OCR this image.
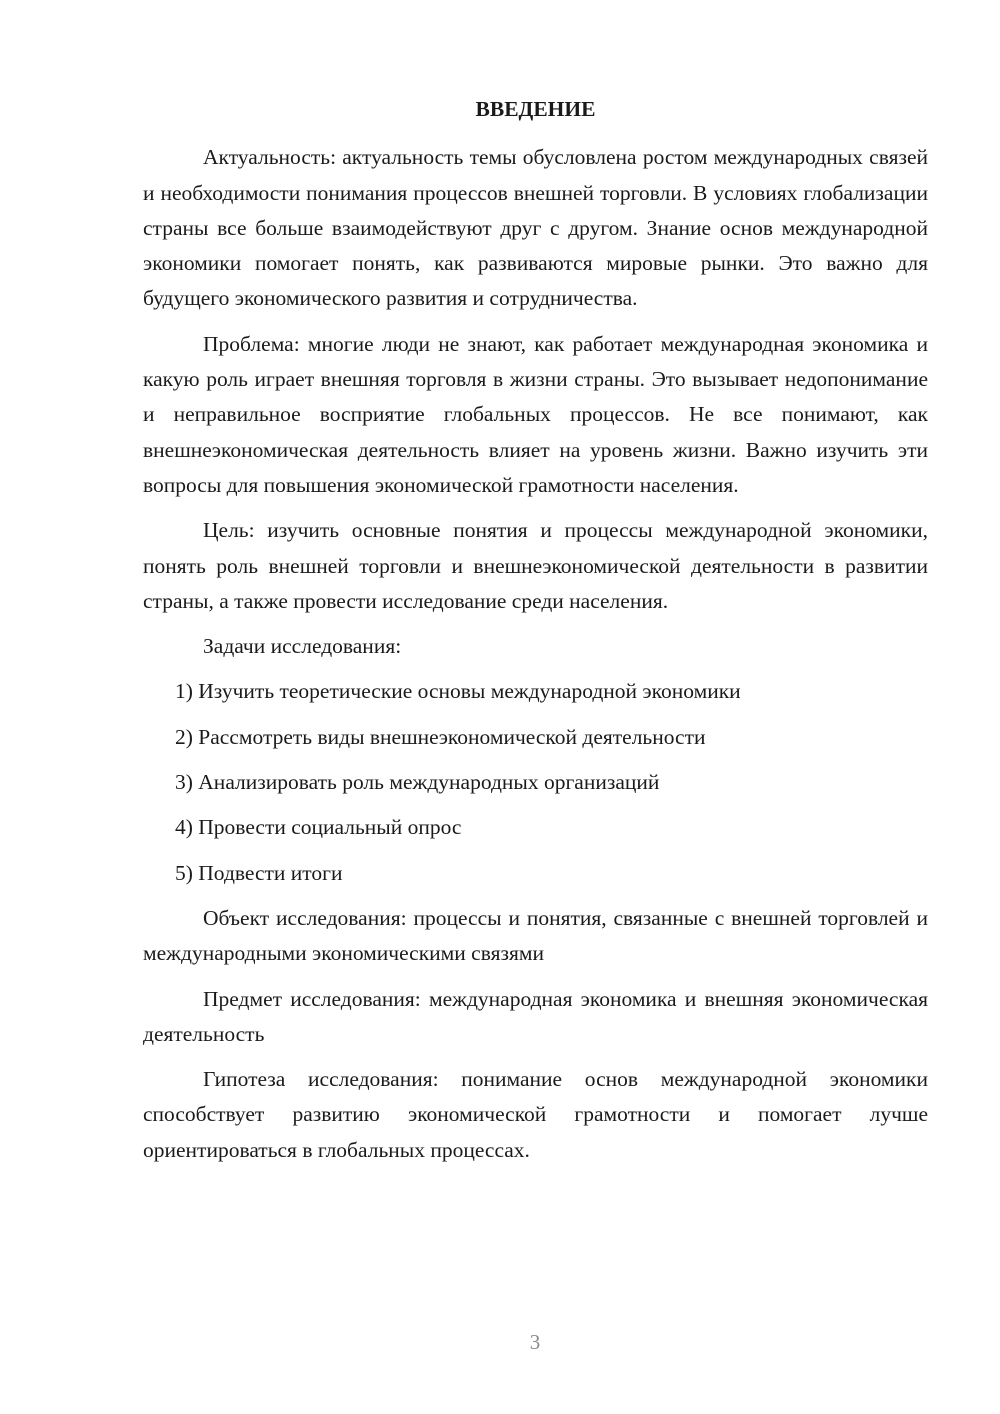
ВВЕДЕНИЕ

Актуальность: актуальность темы обусловлена ростом международных связей и необходимости понимания процессов внешней торговли. В условиях глобализации страны все больше взаимодействуют друг с другом. Знание основ международной экономики помогает понять, как развиваются мировые рынки. Это важно для будущего экономического развития и сотрудничества.

Проблема: многие люди не знают, как работает международная экономика и какую роль играет внешняя торговля в жизни страны. Это вызывает недопонимание и неправильное восприятие глобальных процессов. Не все понимают, как внешнеэкономическая деятельность влияет на уровень жизни. Важно изучить эти вопросы для повышения экономической грамотности населения.

Цель: изучить основные понятия и процессы международной экономики, понять роль внешней торговли и внешнеэкономической деятельности в развитии страны, а также провести исследование среди населения.

Задачи исследования:

1) Изучить теоретические основы международной экономики
2) Рассмотреть виды внешнеэкономической деятельности
3) Анализировать роль международных организаций
4) Провести социальный опрос
5) Подвести итоги

Объект исследования: процессы и понятия, связанные с внешней торговлей и международными экономическими связями

Предмет исследования: международная экономика и внешняя экономическая деятельность

Гипотеза исследования: понимание основ международной экономики способствует развитию экономической грамотности и помогает лучше ориентироваться в глобальных процессах.

3
